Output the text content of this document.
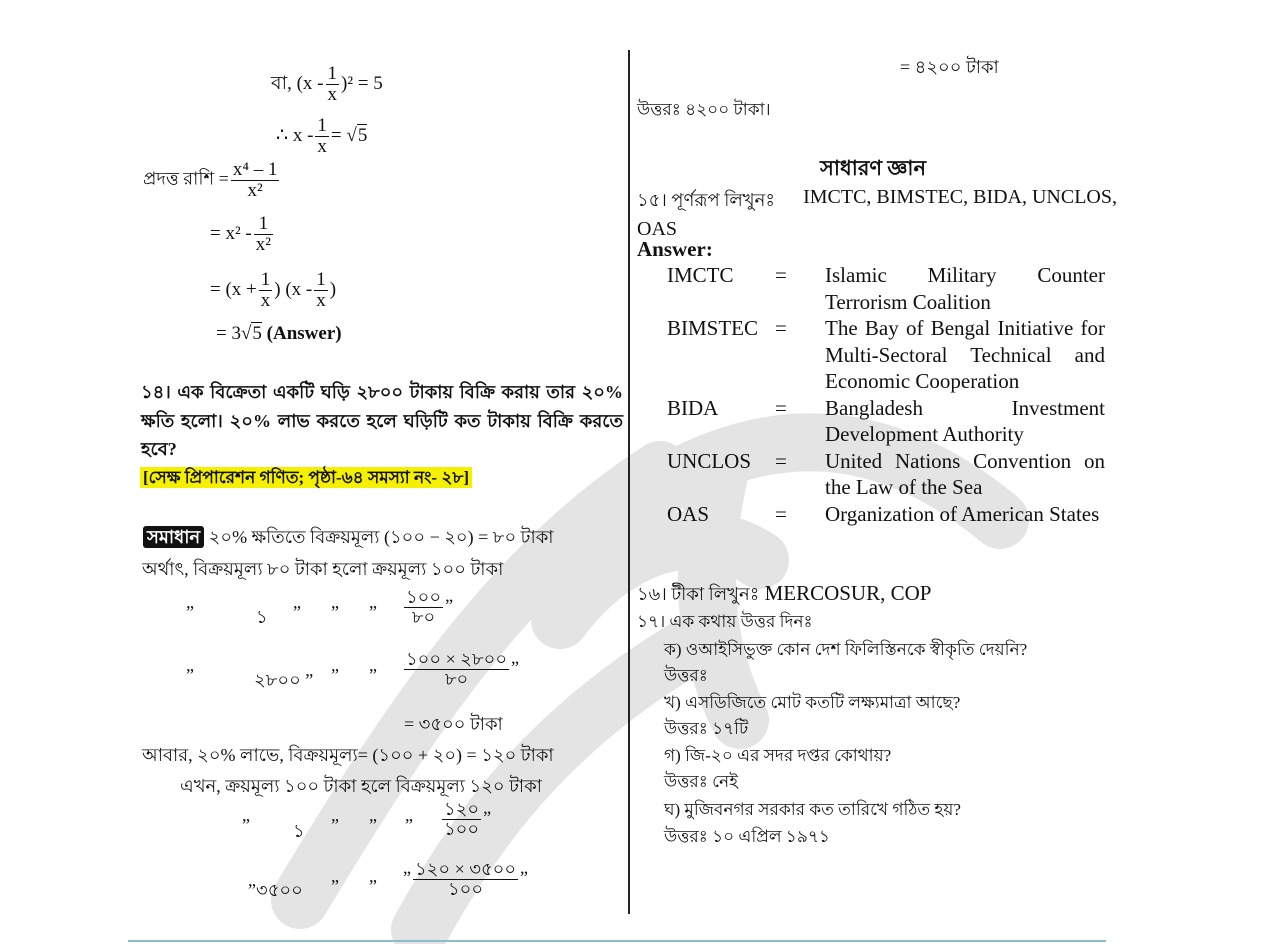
বা, $(x - \frac{1}{x} )^2 = 5$
∴ $x - \frac{1}{x} = √5$
প্রদত্ত রাশি = $\frac{\text{x⁴ – 1}}{\text{x²}}$
= $x^2 - \frac{1}{\text{x²}}$
= ($x + \frac{1}{x}$ ) ($x - \frac{1}{x}$ )
= 3√5 (Answer)
১৪। এক বিক্রেতা একটি ঘড়ি ২৮০০ টাকায় বিক্রি করায় তার ২০% ক্ষতি হলো। ২০% লাভ করতে হলে ঘড়িটি কত টাকায় বিক্রি করতে হবে?
[সেক্ষ প্রিপারেশন গণিত; পৃষ্ঠা-৬৪ সমস্যা নং- ২৮]
সমাধান ২০% ক্ষতিতে বিক্রয়মূল্য (১০০ − ২০) = ৮০ টাকা
অর্থাৎ, বিক্রয়মূল্য ৮০ টাকা হলো ক্রয়মূল্য ১০০ টাকা
”	১ ” ” ” $\frac{১০০}{৮০}$ ”
”	২৮০০ ” ” ” $\frac{১০০ \times ২৮০০}{৮০}$ ”
= ৩৫০০ টাকা
আবার, ২০% লাভে, বিক্রয়মূল্য= (১০০ + ২০) = ১২০ টাকা
এখন, ক্রয়মূল্য ১০০ টাকা হলে বিক্রয়মূল্য ১২০ টাকা
” ১ ” ” ” $\frac{১২০}{১০০}$ ”
”৩৫০০ ” ” ” $\frac{১২০ \times ৩৫০০}{১০০}$ ”
= ৪২০০ টাকা
উত্তরঃ ৪২০০ টাকা।
সাধারণ জ্ঞান
১৫। পূর্ণরূপ লিখুনঃ IMCTC, BIMSTEC, BIDA, UNCLOS,
OAS
Answer:
IMCTC	=	Islamic Military Counter Terrorism Coalition
BIMSTEC	=	The Bay of Bengal Initiative for Multi-Sectoral Technical and Economic Cooperation
BIDA	=	Bangladesh Investment Development Authority
UNCLOS	=	United Nations Convention on the Law of the Sea
OAS	=	Organization of American States
১৬। টীকা লিখুনঃ MERCOSUR, COP
১৭। এক কথায় উত্তর দিনঃ
ক) ওআইসিভুক্ত কোন দেশ ফিলিস্তিনকে স্বীকৃতি দেয়নি?
উত্তরঃ
খ) এসডিজিতে মোট কতটি লক্ষ্যমাত্রা আছে?
উত্তরঃ ১৭টি
গ) জি-২০ এর সদর দপ্তর কোথায়?
উত্তরঃ নেই
ঘ) মুজিবনগর সরকার কত তারিখে গঠিত হয়?
উত্তরঃ ১০ এপ্রিল ১৯৭১
